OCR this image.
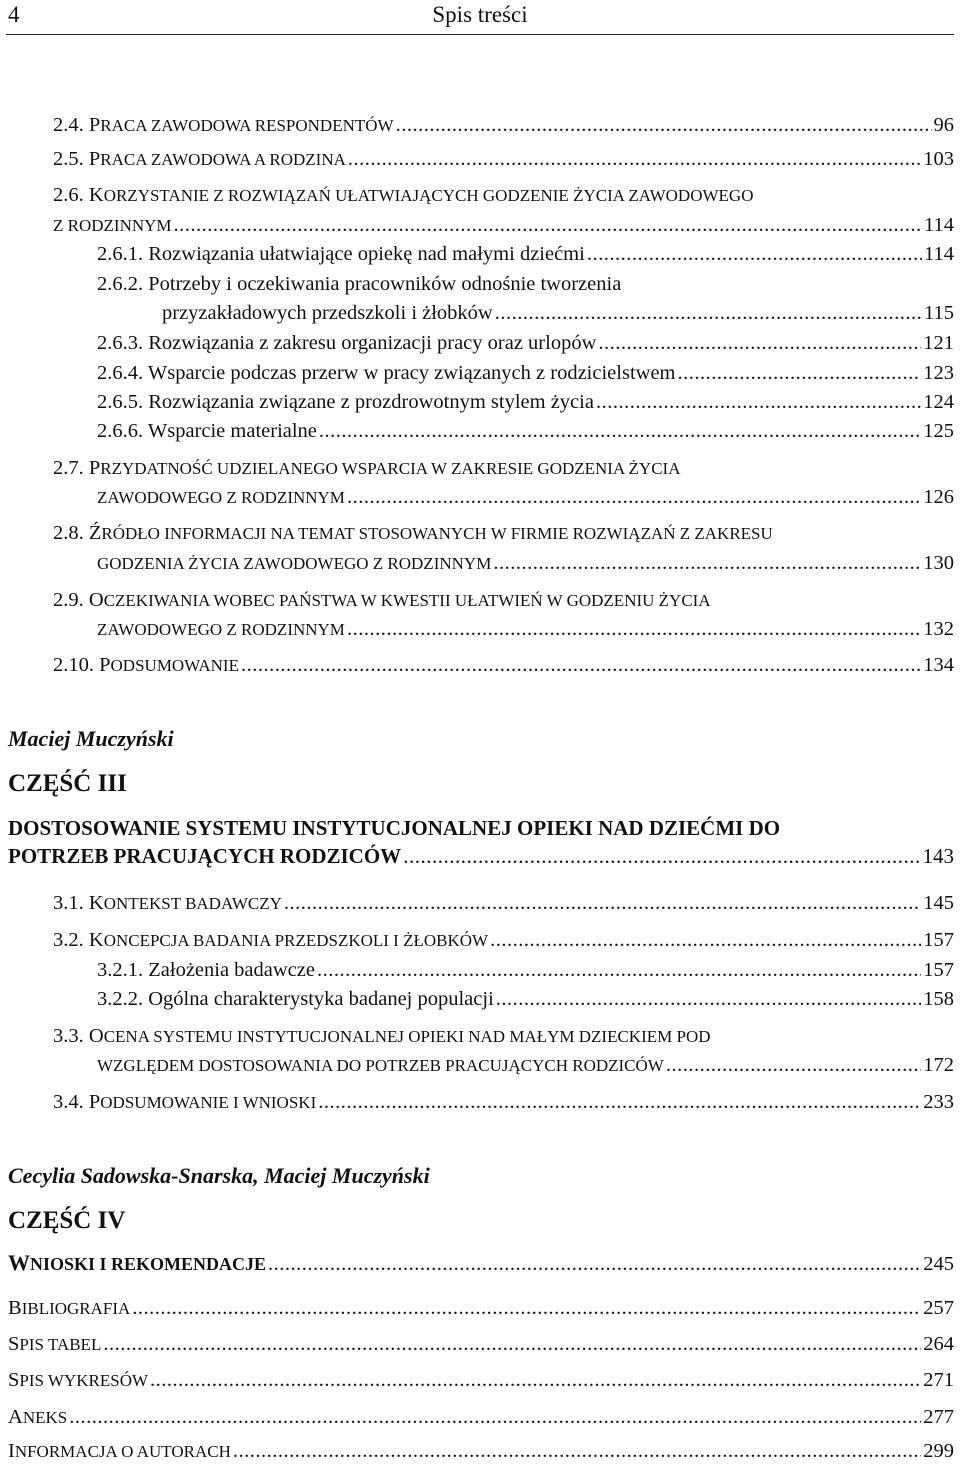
4	Spis treści
2.4. PRACA ZAWODOWA RESPONDENTÓW .....	96
2.5. PRACA ZAWODOWA A RODZINA .....	103
2.6. KORZYSTANIE Z ROZWIĄZAŃ UŁATWIAJĄCYCH GODZENIE ŻYCIA ZAWODOWEGO
Z RODZINNYM .....	114
2.6.1. Rozwiązania ułatwiające opiekę nad małymi dziećmi .....	114
2.6.2. Potrzeby i oczekiwania pracowników odnośnie tworzenia
przyzakładowych przedszkoli i żłobków .....	115
2.6.3. Rozwiązania z zakresu organizacji pracy oraz urlopów .....	121
2.6.4. Wsparcie podczas przerw w pracy związanych z rodzicielstwem .....	123
2.6.5. Rozwiązania związane z prozdrowotnym stylem życia .....	124
2.6.6. Wsparcie materialne .....	125
2.7. PRZYDATNOŚĆ UDZIELANEGO WSPARCIA W ZAKRESIE GODZENIA ŻYCIA
ZAWODOWEGO Z RODZINNYM .....	126
2.8. ŹRÓDŁO INFORMACJI NA TEMAT STOSOWANYCH W FIRMIE ROZWIĄZAŃ Z ZAKRESU
GODZENIA ŻYCIA ZAWODOWEGO Z RODZINNYM .....	130
2.9. OCZEKIWANIA WOBEC PAŃSTWA W KWESTII UŁATWIEŃ W GODZENIU ŻYCIA
ZAWODOWEGO Z RODZINNYM .....	132
2.10. PODSUMOWANIE .....	134
Maciej Muczyński
CZĘŚĆ III
DOSTOSOWANIE SYSTEMU INSTYTUCJONALNEJ OPIEKI NAD DZIEĆMI DO
POTRZEB PRACUJĄCYCH RODZICÓW .....	143
3.1. KONTEKST BADAWCZY .....	145
3.2. KONCEPCJA BADANIA PRZEDSZKOLI I ŻŁOBKÓW .....	157
3.2.1. Założenia badawcze .....	157
3.2.2. Ogólna charakterystyka badanej populacji .....	158
3.3. OCENA SYSTEMU INSTYTUCJONALNEJ OPIEKI NAD MAŁYM DZIECKIEM POD
WZGLĘDEM DOSTOSOWANIA DO POTRZEB PRACUJĄCYCH RODZICÓW .....	172
3.4. PODSUMOWANIE I WNIOSKI .....	233
Cecylia Sadowska-Snarska, Maciej Muczyński
CZĘŚĆ IV
WNIOSKI I REKOMENDACJE .....	245
BIBLIOGRAFIA .....	257
SPIS TABEL .....	264
SPIS WYKRESÓW .....	271
ANEKS .....	277
INFORMACJA O AUTORACH .....	299
